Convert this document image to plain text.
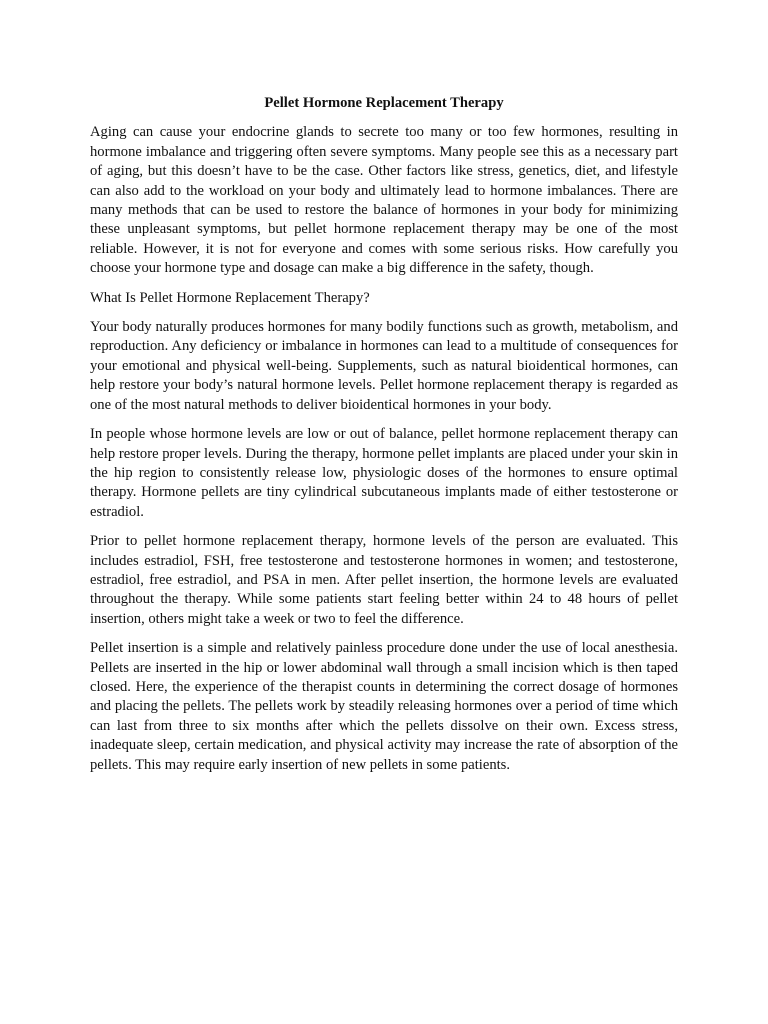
Pellet Hormone Replacement Therapy

Aging can cause your endocrine glands to secrete too many or too few hormones, resulting in hormone imbalance and triggering often severe symptoms. Many people see this as a necessary part of aging, but this doesn’t have to be the case. Other factors like stress, genetics, diet, and lifestyle can also add to the workload on your body and ultimately lead to hormone imbalances. There are many methods that can be used to restore the balance of hormones in your body for minimizing these unpleasant symptoms, but pellet hormone replacement therapy may be one of the most reliable. However, it is not for everyone and comes with some serious risks. How carefully you choose your hormone type and dosage can make a big difference in the safety, though.

What Is Pellet Hormone Replacement Therapy?

Your body naturally produces hormones for many bodily functions such as growth, metabolism, and reproduction. Any deficiency or imbalance in hormones can lead to a multitude of consequences for your emotional and physical well-being. Supplements, such as natural bioidentical hormones, can help restore your body’s natural hormone levels. Pellet hormone replacement therapy is regarded as one of the most natural methods to deliver bioidentical hormones in your body.

In people whose hormone levels are low or out of balance, pellet hormone replacement therapy can help restore proper levels. During the therapy, hormone pellet implants are placed under your skin in the hip region to consistently release low, physiologic doses of the hormones to ensure optimal therapy. Hormone pellets are tiny cylindrical subcutaneous implants made of either testosterone or estradiol.

Prior to pellet hormone replacement therapy, hormone levels of the person are evaluated. This includes estradiol, FSH, free testosterone and testosterone hormones in women; and testosterone, estradiol, free estradiol, and PSA in men. After pellet insertion, the hormone levels are evaluated throughout the therapy. While some patients start feeling better within 24 to 48 hours of pellet insertion, others might take a week or two to feel the difference.

Pellet insertion is a simple and relatively painless procedure done under the use of local anesthesia. Pellets are inserted in the hip or lower abdominal wall through a small incision which is then taped closed. Here, the experience of the therapist counts in determining the correct dosage of hormones and placing the pellets. The pellets work by steadily releasing hormones over a period of time which can last from three to six months after which the pellets dissolve on their own. Excess stress, inadequate sleep, certain medication, and physical activity may increase the rate of absorption of the pellets. This may require early insertion of new pellets in some patients.
